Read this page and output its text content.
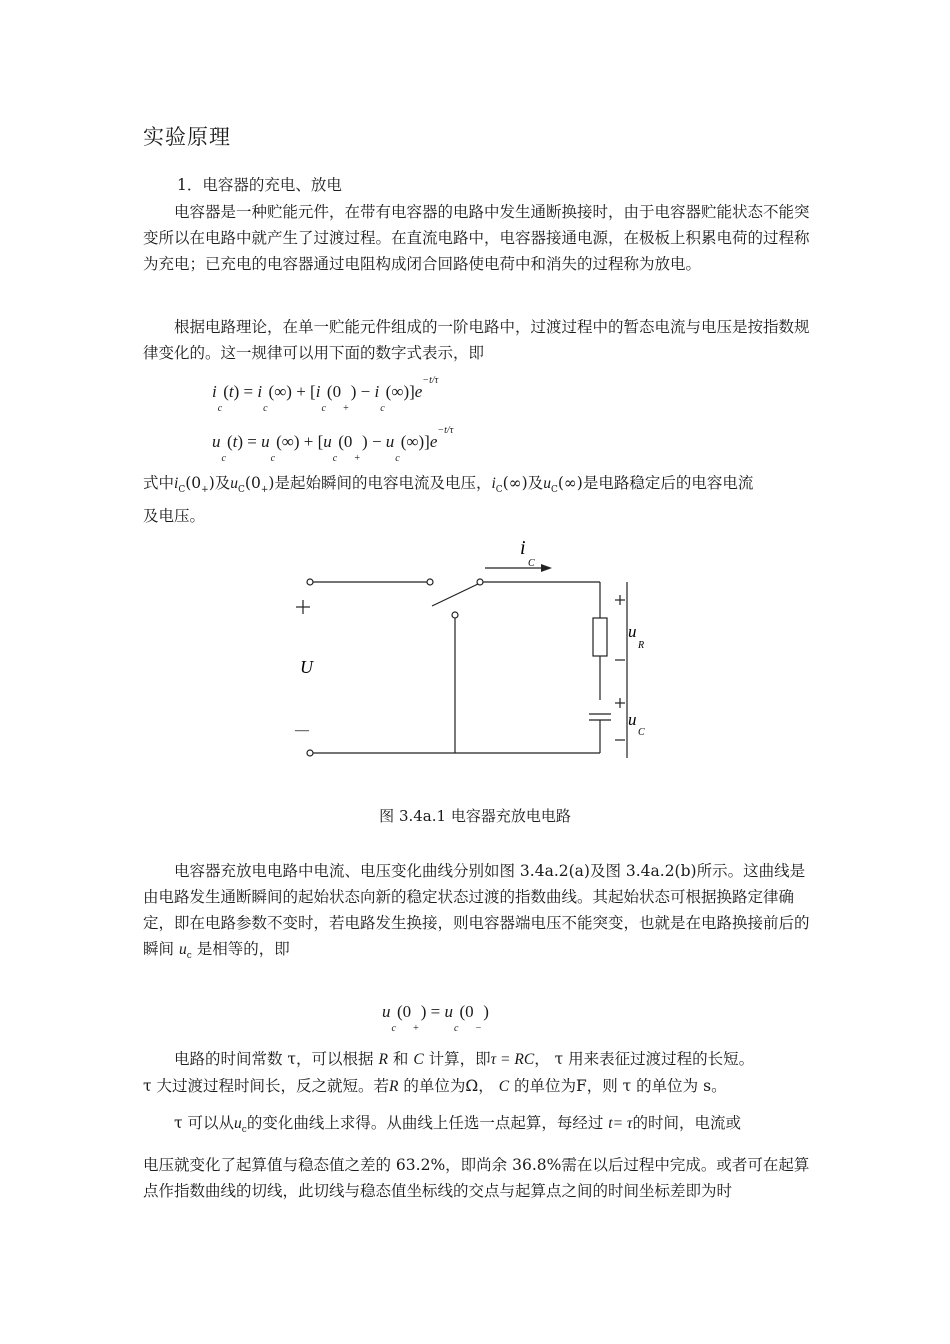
实验原理
1．电容器的充电、放电

电容器是一种贮能元件，在带有电容器的电路中发生通断换接时，由于电容器贮能状态不能突变所以在电路中就产生了过渡过程。在直流电路中，电容器接通电源，在极板上积累电荷的过程称为充电；已充电的电容器通过电阻构成闭合回路使电荷中和消失的过程称为放电。

根据电路理论，在单一贮能元件组成的一阶电路中，过渡过程中的暂态电流与电压是按指数规律变化的。这一规律可以用下面的数字式表示，即

$i_c(t) = i_c(\infty) + [i_c(0_+) - i_c(\infty)]e^{-t/\tau}$
$u_c(t) = u_c(\infty) + [u_c(0_+) - u_c(\infty)]e^{-t/\tau}$
式中$i_C(0_+)$及$u_C(0_+)$是起始瞬间的电容电流及电压，$i_C(\infty)$及$u_C(\infty)$是电路稳定后的电容电流
及电压。
i
C
U
—
u
R
u
C
图 3.4a.1 电容器充放电电路
电容器充放电电路中电流、电压变化曲线分别如图 3.4a.2(a)及图 3.4a.2(b)所示。这曲线是由电路发生通断瞬间的起始状态向新的稳定状态过渡的指数曲线。其起始状态可根据换路定律确定，即在电路参数不变时，若电路发生换接，则电容器端电压不能突变，也就是在电路换接前后的瞬间 $u_c$ 是相等的，即
$u_c(0_+) = u_c(0_-)$
电路的时间常数 τ，可以根据 R 和 C 计算，即τ = RC， τ 用来表征过渡过程的长短。
τ 大过渡过程时间长，反之就短。若R 的单位为Ω， C 的单位为F，则 τ 的单位为 s。
τ 可以从$u_c$的变化曲线上求得。从曲线上任选一点起算，每经过 t= τ的时间，电流或

电压就变化了起算值与稳态值之差的 63.2%，即尚余 36.8%需在以后过程中完成。或者可在起算点作指数曲线的切线，此切线与稳态值坐标线的交点与起算点之间的时间坐标差即为时
